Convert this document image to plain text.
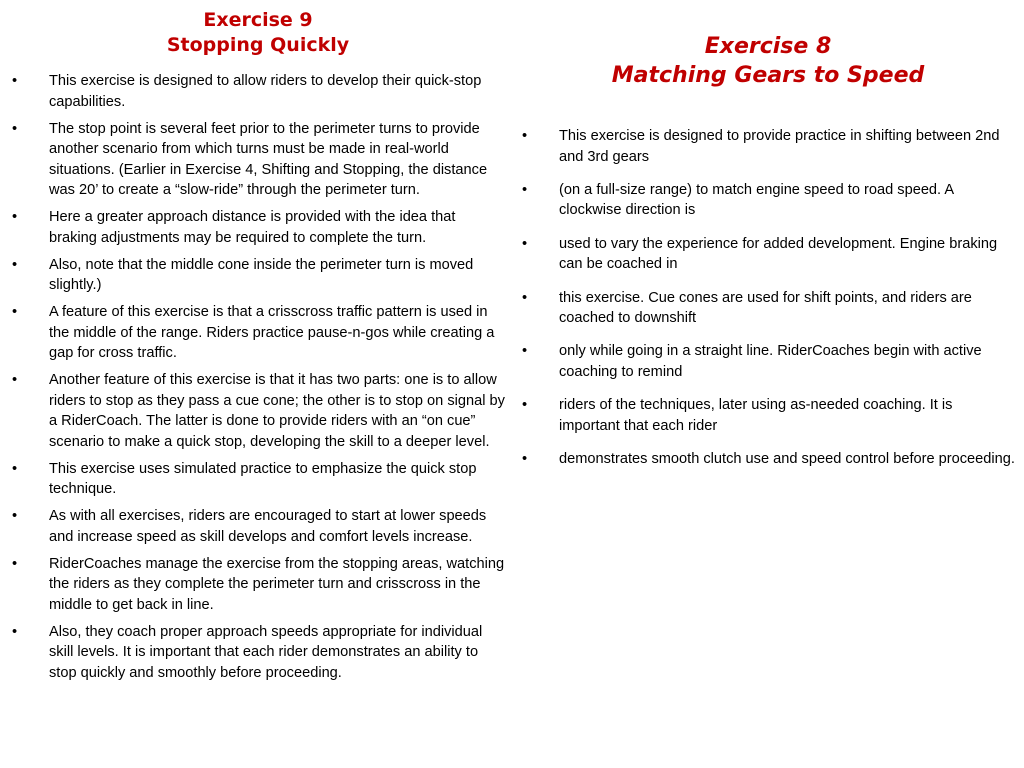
Exercise 9
Stopping Quickly
• This exercise is designed to allow riders to develop their quick-stop capabilities.
• The stop point is several feet prior to the perimeter turns to provide another scenario from which turns must be made in real-world situations. (Earlier in Exercise 4, Shifting and Stopping, the distance was 20’ to create a “slow-ride” through the perimeter turn.
• Here a greater approach distance is provided with the idea that braking adjustments may be required to complete the turn.
• Also, note that the middle cone inside the perimeter turn is moved slightly.)
• A feature of this exercise is that a crisscross traffic pattern is used in the middle of the range. Riders practice pause-n-gos while creating a gap for cross traffic.
• Another feature of this exercise is that it has two parts: one is to allow riders to stop as they pass a cue cone; the other is to stop on signal by a RiderCoach. The latter is done to provide riders with an “on cue” scenario to make a quick stop, developing the skill to a deeper level.
• This exercise uses simulated practice to emphasize the quick stop technique.
• As with all exercises, riders are encouraged to start at lower speeds and increase speed as skill develops and comfort levels increase.
• RiderCoaches manage the exercise from the stopping areas, watching the riders as they complete the perimeter turn and crisscross in the middle to get back in line.
• Also, they coach proper approach speeds appropriate for individual skill levels. It is important that each rider demonstrates an ability to stop quickly and smoothly before proceeding.
Exercise 8
Matching Gears to Speed
• This exercise is designed to provide practice in shifting between 2nd and 3rd gears
• (on a full-size range) to match engine speed to road speed. A clockwise direction is
• used to vary the experience for added development. Engine braking can be coached in
• this exercise. Cue cones are used for shift points, and riders are coached to downshift
• only while going in a straight line. RiderCoaches begin with active coaching to remind
• riders of the techniques, later using as-needed coaching. It is important that each rider
• demonstrates smooth clutch use and speed control before proceeding.
